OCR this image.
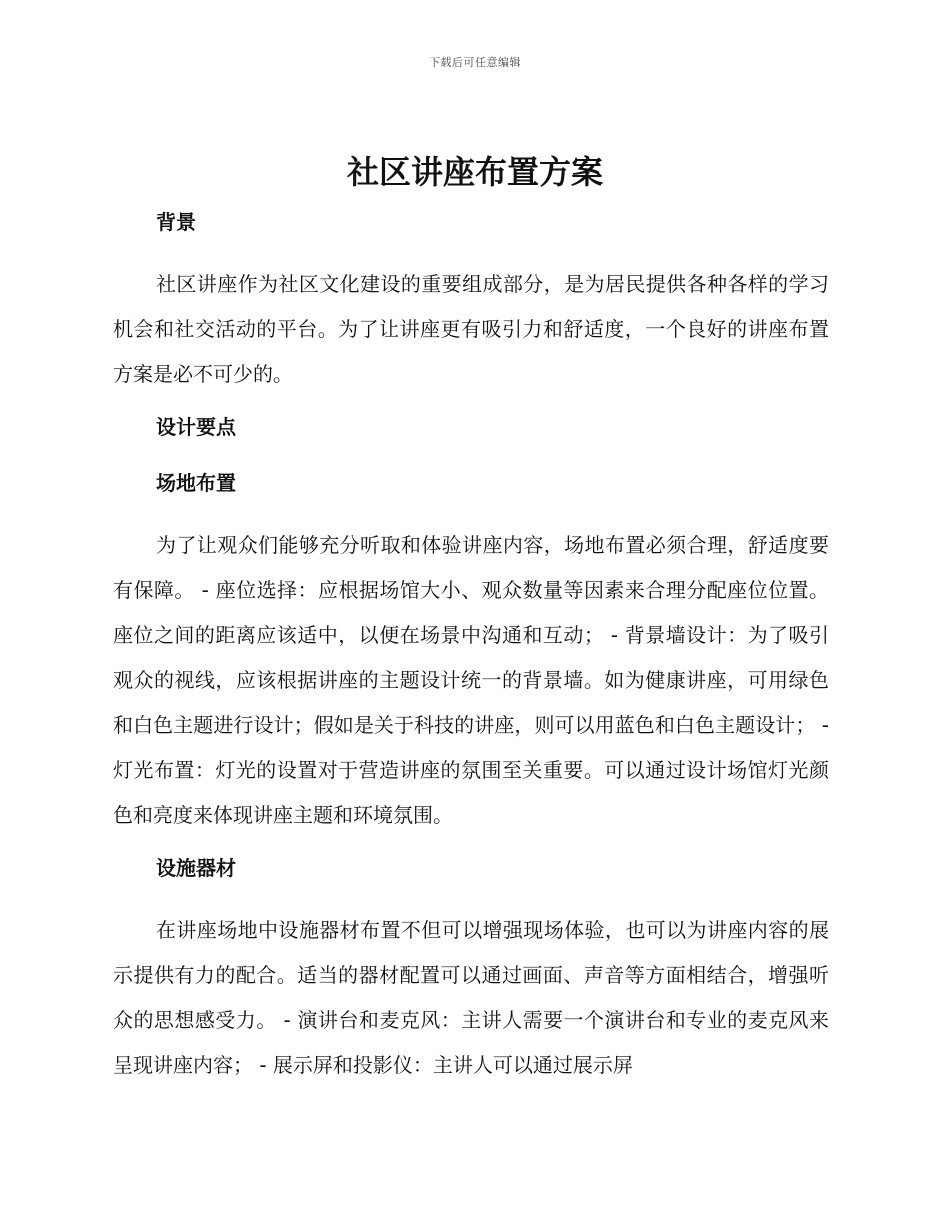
下载后可任意编辑
社区讲座布置方案
背景

社区讲座作为社区文化建设的重要组成部分，是为居民提供各种各样的学习机会和社交活动的平台。为了让讲座更有吸引力和舒适度，一个良好的讲座布置方案是必不可少的。

设计要点
场地布置

为了让观众们能够充分听取和体验讲座内容，场地布置必须合理，舒适度要有保障。 - 座位选择：应根据场馆大小、观众数量等因素来合理分配座位位置。座位之间的距离应该适中，以便在场景中沟通和互动； - 背景墙设计：为了吸引观众的视线，应该根据讲座的主题设计统一的背景墙。如为健康讲座，可用绿色和白色主题进行设计；假如是关于科技的讲座，则可以用蓝色和白色主题设计； - 灯光布置：灯光的设置对于营造讲座的氛围至关重要。可以通过设计场馆灯光颜色和亮度来体现讲座主题和环境氛围。

设施器材

在讲座场地中设施器材布置不但可以增强现场体验，也可以为讲座内容的展示提供有力的配合。适当的器材配置可以通过画面、声音等方面相结合，增强听众的思想感受力。 - 演讲台和麦克风：主讲人需要一个演讲台和专业的麦克风来呈现讲座内容； - 展示屏和投影仪：主讲人可以通过展示屏
